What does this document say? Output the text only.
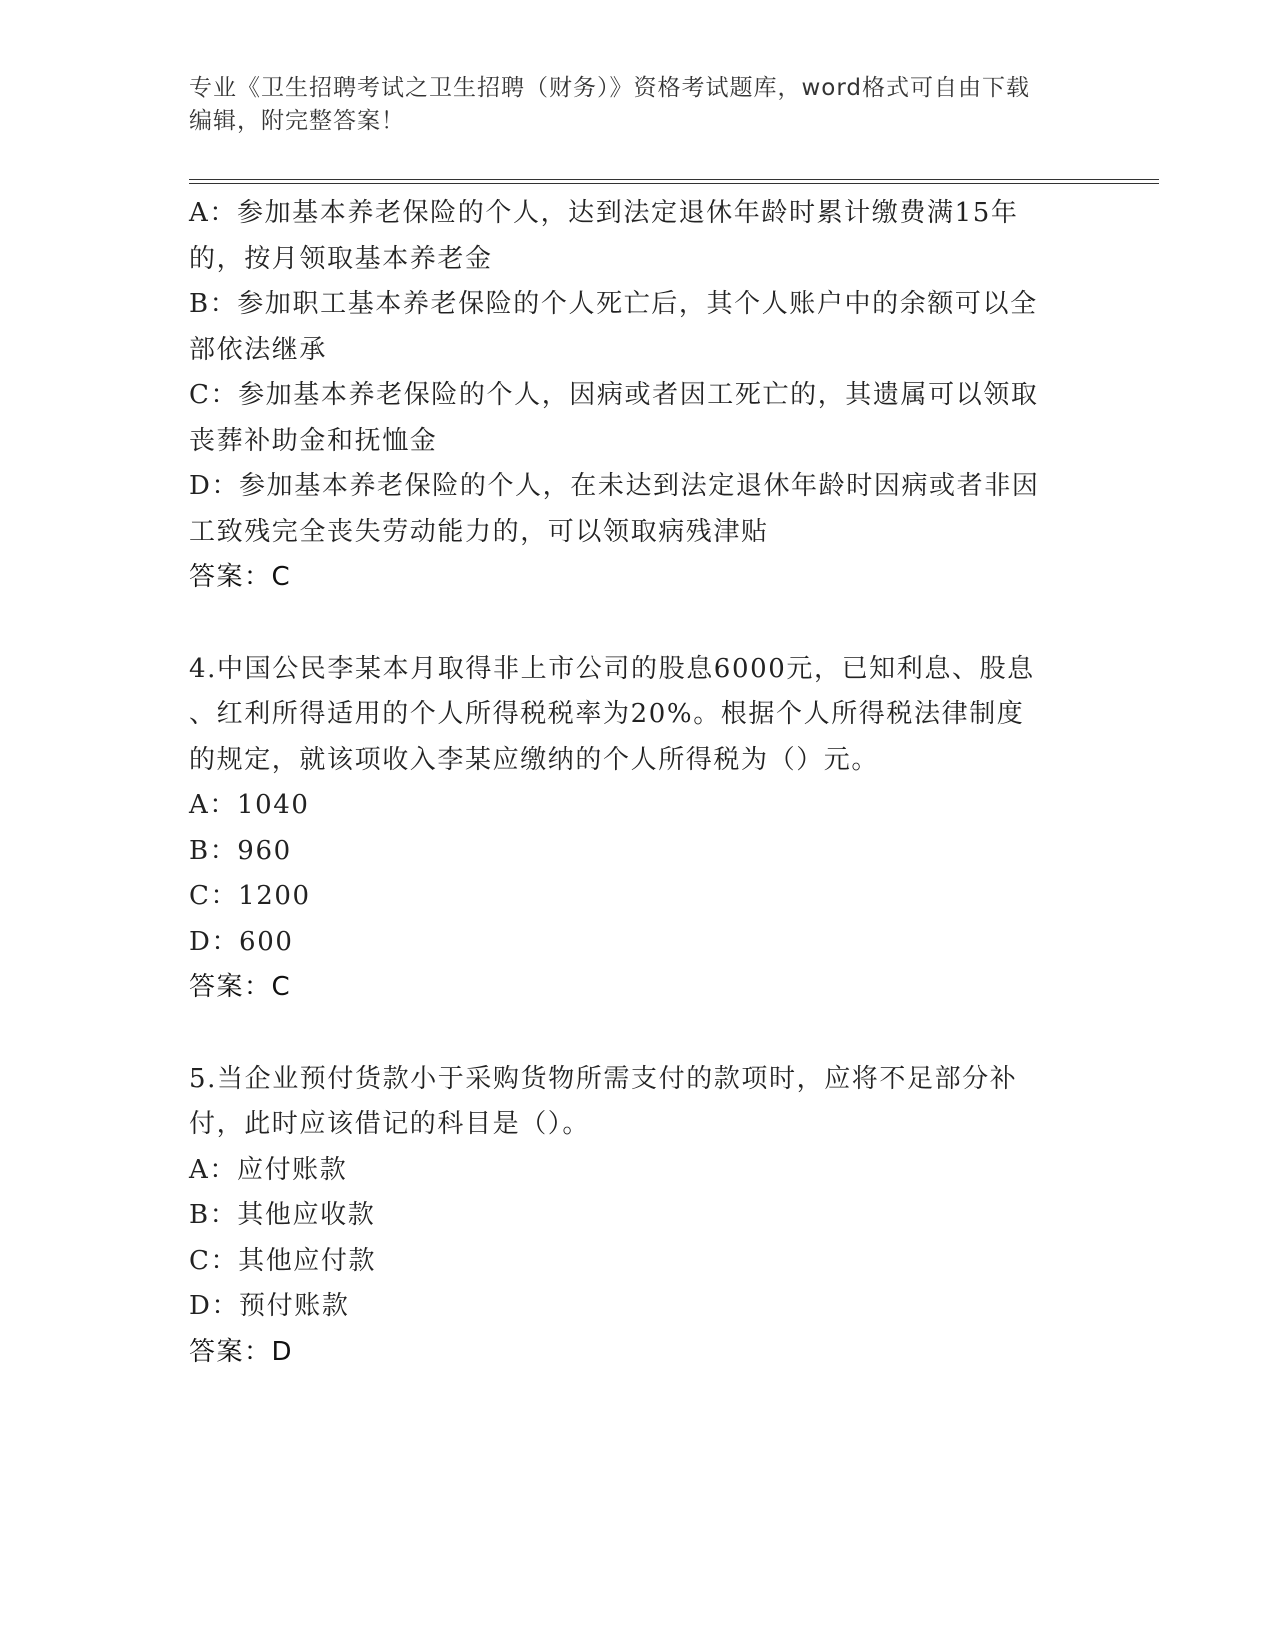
专业《卫生招聘考试之卫生招聘（财务）》资格考试题库，word格式可自由下载
编辑，附完整答案！
A：参加基本养老保险的个人，达到法定退休年龄时累计缴费满15年
的，按月领取基本养老金
B：参加职工基本养老保险的个人死亡后，其个人账户中的余额可以全
部依法继承
C：参加基本养老保险的个人，因病或者因工死亡的，其遗属可以领取
丧葬补助金和抚恤金
D：参加基本养老保险的个人，在未达到法定退休年龄时因病或者非因
工致残完全丧失劳动能力的，可以领取病残津贴
答案：C
4.中国公民李某本月取得非上市公司的股息6000元，已知利息、股息
、红利所得适用的个人所得税税率为20%。根据个人所得税法律制度
的规定，就该项收入李某应缴纳的个人所得税为（）元。
A：1040
B：960
C：1200
D：600
答案：C
5.当企业预付货款小于采购货物所需支付的款项时，应将不足部分补
付，此时应该借记的科目是（）。
A：应付账款
B：其他应收款
C：其他应付款
D：预付账款
答案：D
